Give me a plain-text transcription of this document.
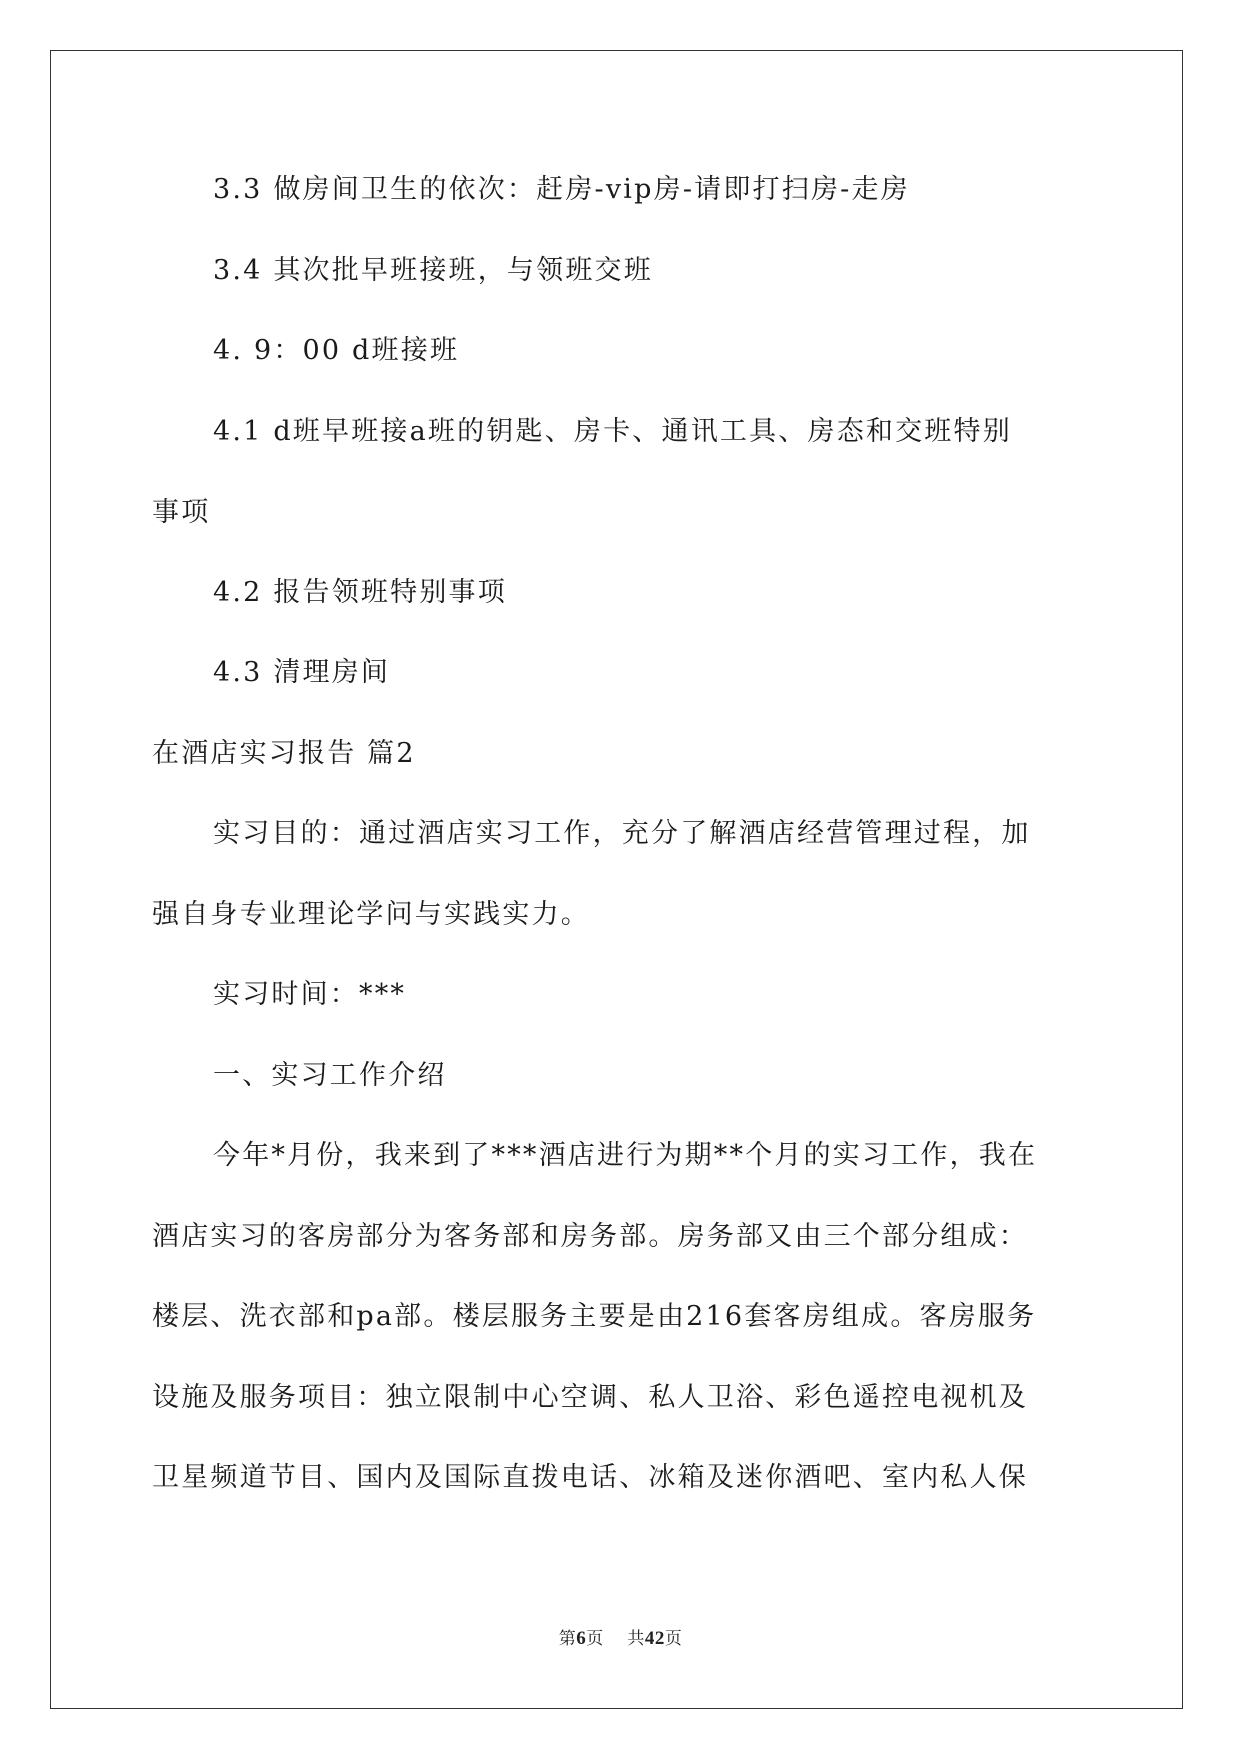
3.3 做房间卫生的依次：赶房-vip房-请即打扫房-走房
3.4 其次批早班接班，与领班交班
4. 9：00 d班接班
4.1 d班早班接a班的钥匙、房卡、通讯工具、房态和交班特别
事项
4.2 报告领班特别事项
4.3 清理房间
在酒店实习报告 篇2
实习目的：通过酒店实习工作，充分了解酒店经营管理过程，加
强自身专业理论学问与实践实力。
实习时间：***
一、实习工作介绍
今年*月份，我来到了***酒店进行为期**个月的实习工作，我在
酒店实习的客房部分为客务部和房务部。房务部又由三个部分组成：
楼层、洗衣部和pa部。楼层服务主要是由216套客房组成。客房服务
设施及服务项目：独立限制中心空调、私人卫浴、彩色遥控电视机及
卫星频道节目、国内及国际直拨电话、冰箱及迷你酒吧、室内私人保
第6页 共42页
